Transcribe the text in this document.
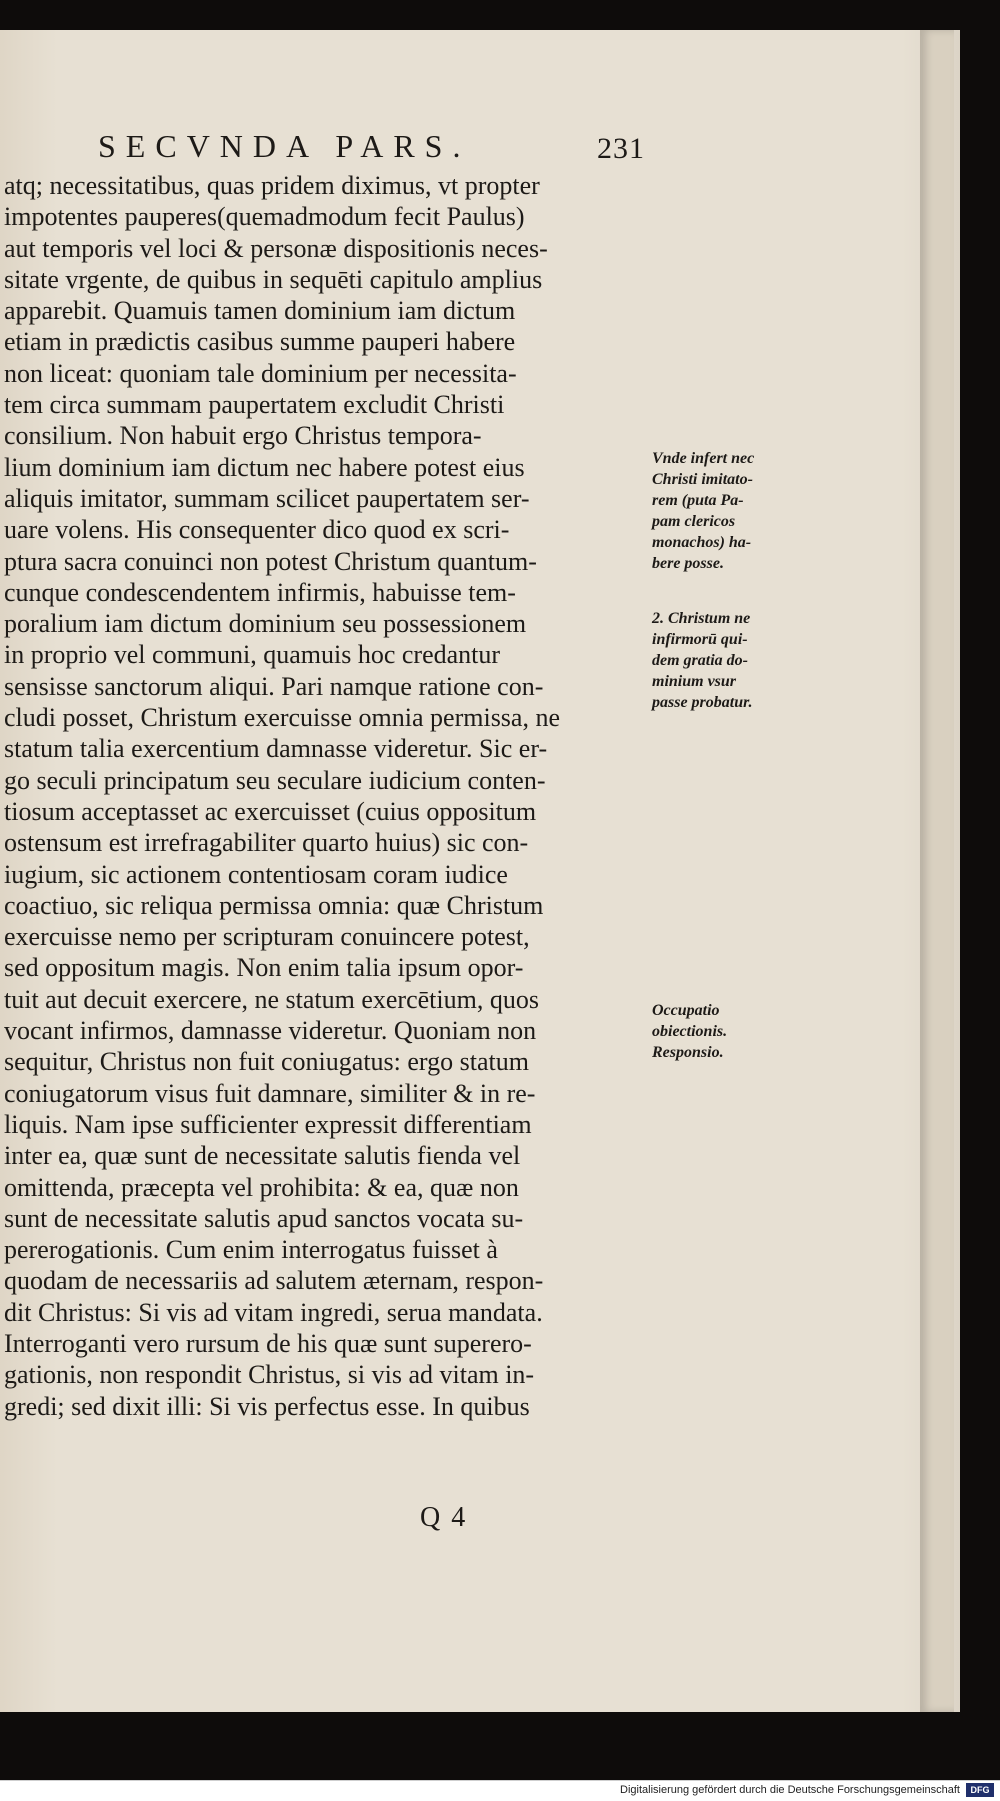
SECVNDA PARS.	231
atq; necessitatibus, quas pridem diximus, vt propter
impotentes pauperes(quemadmodum fecit Paulus)
aut temporis vel loci & personæ dispositionis neces-
sitate vrgente, de quibus in sequēti capitulo amplius
apparebit. Quamuis tamen dominium iam dictum
etiam in prædictis casibus summe pauperi habere
non liceat: quoniam tale dominium per necessita-
tem circa summam paupertatem excludit Christi
consilium. Non habuit ergo Christus tempora-
lium dominium iam dictum nec habere potest eius
aliquis imitator, summam scilicet paupertatem ser-
uare volens. His consequenter dico quod ex scri-
ptura sacra conuinci non potest Christum quantum-
cunque condescendentem infirmis, habuisse tem-
poralium iam dictum dominium seu possessionem
in proprio vel communi, quamuis hoc credantur
sensisse sanctorum aliqui. Pari namque ratione con-
cludi posset, Christum exercuisse omnia permissa, ne
statum talia exercentium damnasse videretur. Sic er-
go seculi principatum seu seculare iudicium conten-
tiosum acceptasset ac exercuisset (cuius oppositum
ostensum est irrefragabiliter quarto huius) sic con-
iugium, sic actionem contentiosam coram iudice
coactiuo, sic reliqua permissa omnia: quæ Christum
exercuisse nemo per scripturam conuincere potest,
sed oppositum magis. Non enim talia ipsum opor-
tuit aut decuit exercere, ne statum exercētium, quos
vocant infirmos, damnasse videretur. Quoniam non
sequitur, Christus non fuit coniugatus: ergo statum
coniugatorum visus fuit damnare, similiter & in re-
liquis. Nam ipse sufficienter expressit differentiam
inter ea, quæ sunt de necessitate salutis fienda vel
omittenda, præcepta vel prohibita: & ea, quæ non
sunt de necessitate salutis apud sanctos vocata su-
pererogationis. Cum enim interrogatus fuisset à
quodam de necessariis ad salutem æternam, respon-
dit Christus: Si vis ad vitam ingredi, serua mandata.
Interroganti vero rursum de his quæ sunt superero-
gationis, non respondit Christus, si vis ad vitam in-
gredi; sed dixit illi: Si vis perfectus esse. In quibus
Vnde infert nec
Christi imitato-
rem (puta Pa-
pam clericos
monachos) ha-
bere posse.
2. Christum ne
infirmorū qui-
dem gratia do-
minium vsur
passe probatur.
Occupatio
obiectionis.
Responsio.
Q 4
Digitalisierung gefördert durch die Deutsche Forschungsgemeinschaft	DFG
